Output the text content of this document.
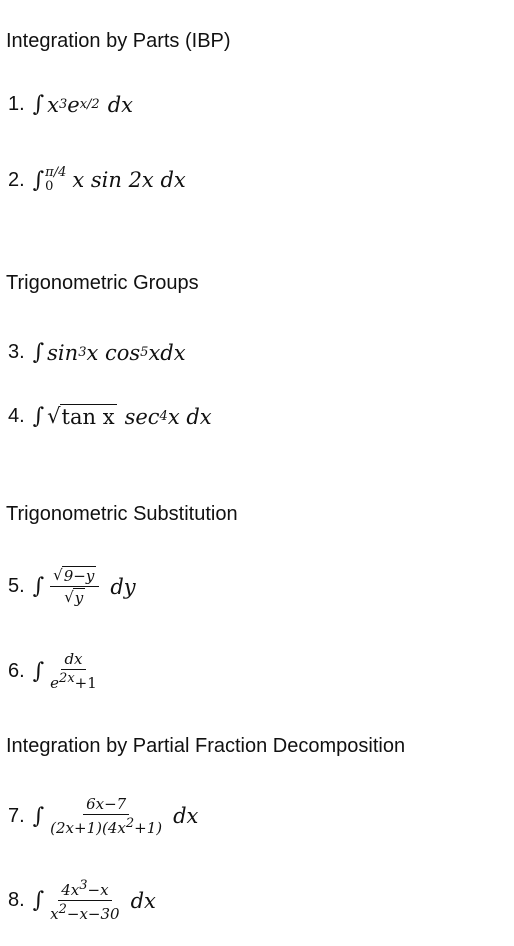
Integration by Parts (IBP)
1. ∫ x 3 e x/2 dx
2. ∫ π/4
0 x sin 2x dx
Trigonometric Groups
3. ∫ sin 3 x cos 5 xdx
4. ∫ √ tan x sec 4 x dx
Trigonometric Substitution
5. ∫ $\frac{√ 9-y}{√ y}$ dy
6. ∫ $\frac{dx}{e^{2x}+1}$
Integration by Partial Fraction Decomposition
7. ∫ $\frac{6x-7}{(2x+1)(4x^2+1)}$ dx
8. ∫ $\frac{4x^3-x}{x^2-x-30}$ dx
